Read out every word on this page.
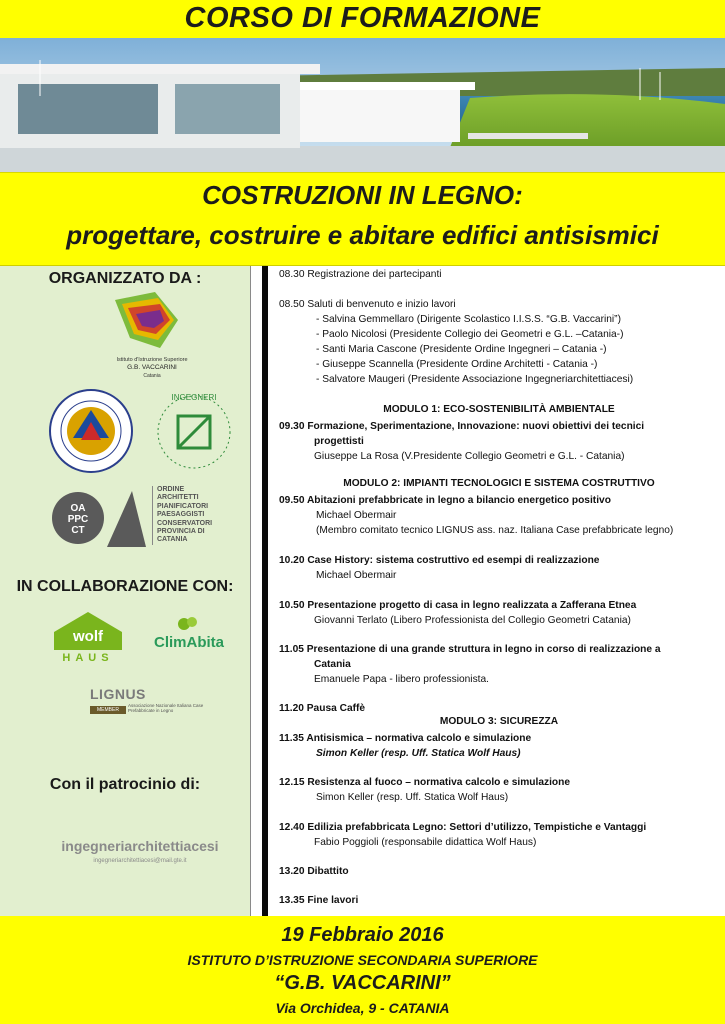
CORSO DI FORMAZIONE
COSTRUZIONI IN LEGNO:
progettare, costruire e abitare edifici antisismici
ORGANIZZATO DA :
Istituto d'Istruzione Superiore
G.B. VACCARINI
Catania
INGEGNERI
OA
PPC
CT
ORDINE
ARCHITETTI
PIANIFICATORI
PAESAGGISTI
CONSERVATORI
PROVINCIA DI
CATANIA
IN COLLABORAZIONE CON:
wolf
HAUS
ClimAbita
LIGNUS
MEMBER
Associazione Nazionale Italiana Case Prefabbricate in Legno
Con il patrocinio di:
ingegneriarchitettiacesi
ingegneriarchitettiacesi@mail.gte.it
08.30 Registrazione dei partecipanti
08.50 Saluti di benvenuto e inizio lavori
- Salvina Gemmellaro (Dirigente Scolastico I.I.S.S. “G.B. Vaccarini”)
- Paolo Nicolosi (Presidente Collegio dei Geometri e G.L. –Catania-)
- Santi Maria Cascone (Presidente Ordine Ingegneri – Catania -)
- Giuseppe Scannella (Presidente Ordine Architetti - Catania -)
- Salvatore Maugeri (Presidente Associazione Ingegneriarchitettiacesi)
MODULO 1: ECO-SOSTENIBILITÀ AMBIENTALE
09.30 Formazione, Sperimentazione, Innovazione: nuovi obiettivi dei tecnici
progettisti
Giuseppe La Rosa (V.Presidente Collegio Geometri e G.L. - Catania)
MODULO 2: IMPIANTI TECNOLOGICI E SISTEMA COSTRUTTIVO
09.50 Abitazioni prefabbricate in legno a bilancio energetico positivo
Michael Obermair
(Membro comitato tecnico LIGNUS ass. naz. Italiana Case prefabbricate legno)
10.20 Case History: sistema costruttivo ed esempi di realizzazione
Michael Obermair
10.50 Presentazione progetto di casa in legno realizzata a Zafferana Etnea
Giovanni Terlato (Libero Professionista del Collegio Geometri Catania)
11.05 Presentazione di una grande struttura in legno in corso di realizzazione a
Catania
Emanuele Papa - libero professionista.
11.20 Pausa Caffè
MODULO 3: SICUREZZA
11.35 Antisismica – normativa calcolo e simulazione
Simon Keller (resp. Uff. Statica Wolf Haus)
12.15 Resistenza al fuoco – normativa calcolo e simulazione
Simon Keller (resp. Uff. Statica Wolf Haus)
12.40 Edilizia prefabbricata Legno: Settori d’utilizzo, Tempistiche e Vantaggi
Fabio Poggioli (responsabile didattica Wolf Haus)
13.20 Dibattito
13.35 Fine lavori
19 Febbraio 2016
ISTITUTO D’ISTRUZIONE SECONDARIA SUPERIORE
“G.B. VACCARINI”
Via Orchidea, 9 - CATANIA
